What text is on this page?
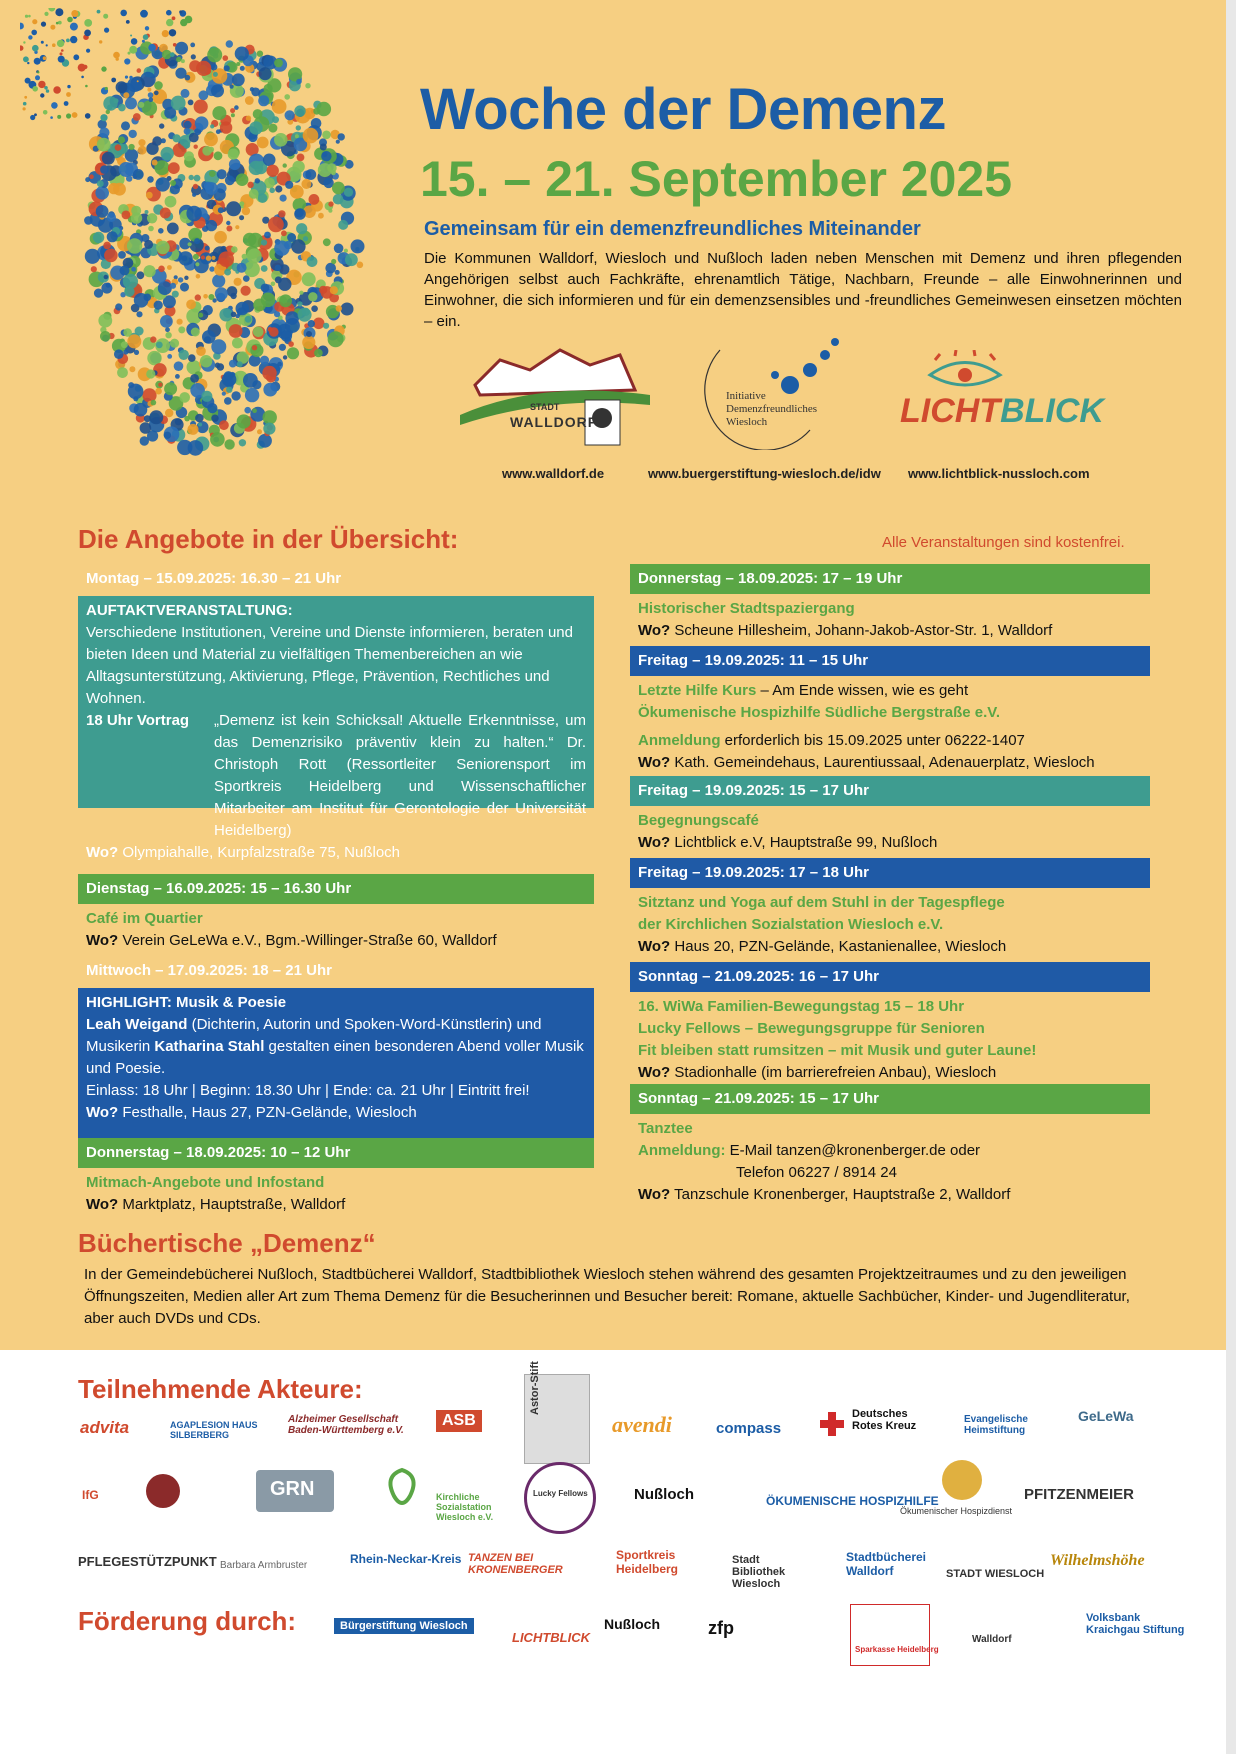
Woche der Demenz
15. – 21. September 2025
Gemeinsam für ein demenzfreundliches Miteinander
Die Kommunen Walldorf, Wiesloch und Nußloch laden neben Menschen mit Demenz und ihren pflegenden Angehörigen selbst auch Fachkräfte, ehrenamtlich Tätige, Nachbarn, Freunde – alle Einwohnerinnen und Einwohner, die sich informieren und für ein demenzsensibles und -freundliches Gemeinwesen einsetzen möchten – ein.
STADT
WALLDORF
Initiative
Demenzfreundliches
Wiesloch	LICHTBLICK
www.walldorf.de	www.buergerstiftung-wiesloch.de/idw www.lichtblick-nussloch.com
Die Angebote in der Übersicht:	Alle Veranstaltungen sind kostenfrei.
Montag – 15.09.2025: 16.30 – 21 Uhr
AUFTAKTVERANSTALTUNG:
Verschiedene Institutionen, Vereine und Dienste informieren, beraten und bieten Ideen und Material zu vielfältigen Themenbereichen an wie Alltagsunterstützung, Aktivierung, Pflege, Prävention, Rechtliches und Wohnen.
18 Uhr Vortrag	„Demenz ist kein Schicksal! Aktuelle Erkenntnisse, um das Demenzrisiko präventiv klein zu halten.“ Dr. Christoph Rott (Ressortleiter Seniorensport im Sportkreis Heidelberg und Wissenschaftlicher Mitarbeiter am Institut für Gerontologie der Universität Heidelberg)
Wo? Olympiahalle, Kurpfalzstraße 75, Nußloch
Dienstag – 16.09.2025: 15 – 16.30 Uhr
Café im Quartier
Wo? Verein GeLeWa e.V., Bgm.-Willinger-Straße 60, Walldorf
Mittwoch – 17.09.2025: 18 – 21 Uhr
HIGHLIGHT: Musik & Poesie
Leah Weigand (Dichterin, Autorin und Spoken-Word-Künstlerin) und Musikerin Katharina Stahl gestalten einen besonderen Abend voller Musik und Poesie.
Einlass: 18 Uhr | Beginn: 18.30 Uhr | Ende: ca. 21 Uhr | Eintritt frei!
Wo? Festhalle, Haus 27, PZN-Gelände, Wiesloch
Donnerstag – 18.09.2025: 10 – 12 Uhr
Mitmach-Angebote und Infostand
Wo? Marktplatz, Hauptstraße, Walldorf
Donnerstag – 18.09.2025: 17 – 19 Uhr
Historischer Stadtspaziergang
Wo? Scheune Hillesheim, Johann-Jakob-Astor-Str. 1, Walldorf
Freitag – 19.09.2025: 11 – 15 Uhr
Letzte Hilfe Kurs – Am Ende wissen, wie es geht
Ökumenische Hospizhilfe Südliche Bergstraße e.V.
Anmeldung erforderlich bis 15.09.2025 unter 06222-1407
Wo? Kath. Gemeindehaus, Laurentiussaal, Adenauerplatz, Wiesloch
Freitag – 19.09.2025: 15 – 17 Uhr
Begegnungscafé
Wo? Lichtblick e.V, Hauptstraße 99, Nußloch
Freitag – 19.09.2025: 17 – 18 Uhr
Sitztanz und Yoga auf dem Stuhl in der Tagespflege
der Kirchlichen Sozialstation Wiesloch e.V.
Wo? Haus 20, PZN-Gelände, Kastanienallee, Wiesloch
Sonntag – 21.09.2025: 16 – 17 Uhr
16. WiWa Familien-Bewegungstag 15 – 18 Uhr
Lucky Fellows – Bewegungsgruppe für Senioren
Fit bleiben statt rumsitzen – mit Musik und guter Laune!
Wo? Stadionhalle (im barrierefreien Anbau), Wiesloch
Sonntag – 21.09.2025: 15 – 17 Uhr
Tanztee
Anmeldung: E-Mail tanzen@kronenberger.de oder
Telefon 06227 / 8914 24
Wo? Tanzschule Kronenberger, Hauptstraße 2, Walldorf
Büchertische „Demenz“
In der Gemeindebücherei Nußloch, Stadtbücherei Walldorf, Stadtbibliothek Wiesloch stehen während des gesamten Projektzeitraumes und zu den jeweiligen Öffnungszeiten, Medien aller Art zum Thema Demenz für die Besucherinnen und Besucher bereit: Romane, aktuelle Sachbücher, Kinder- und Jugendliteratur, aber auch DVDs und CDs.
Teilnehmende Akteure:
advita	AGAPLESION HAUS SILBERBERG
Alzheimer Gesellschaft Baden-Württemberg e.V.
ASB
Astor-Stift
avendi	compass
Deutsches Rotes Kreuz
Evangelische Heimstiftung
GeLeWa
IfG	GRN	Kirchliche Sozialstation Wiesloch e.V.
Lucky Fellows	Nußloch	ÖKUMENISCHE HOSPIZHILFE
Ökumenischer Hospizdienst
PFITZENMEIER
PFLEGESTÜTZPUNKT Barbara Armbruster	Rhein-Neckar-Kreis TANZEN BEI KRONENBERGER
Sportkreis Heidelberg
Stadt Bibliothek Wiesloch
Stadtbücherei Walldorf	STADT WIESLOCH
Wilhelmshöhe
Förderung durch:	Bürgerstiftung Wiesloch
LICHTBLICK
Nußloch	zfp
Sparkasse Heidelberg
Walldorf
Volksbank Kraichgau Stiftung
